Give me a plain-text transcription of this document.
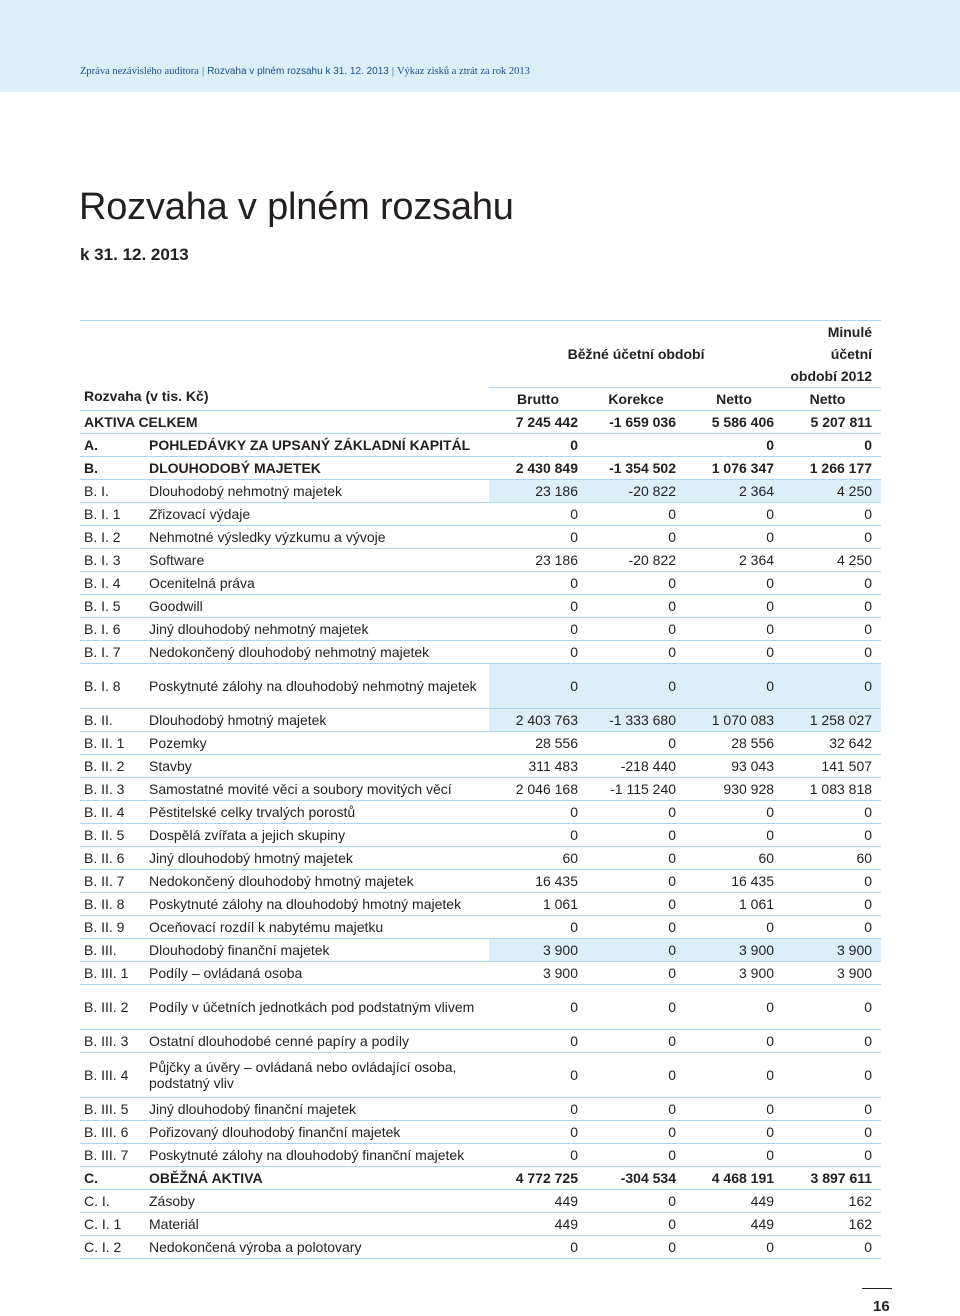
Zpráva nezávislého auditora | Rozvaha v plném rozsahu k 31. 12. 2013 | Výkaz zisků a ztrát za rok 2013
Rozvaha v plném rozsahu
k 31. 12. 2013
Rozvaha (v tis. Kč)		Běžné účetní období			Minulé účetní období 2012
		Brutto	Korekce	Netto	Netto
AKTIVA CELKEM		7 245 442	-1 659 036	5 586 406	5 207 811
A.	POHLEDÁVKY ZA UPSANÝ ZÁKLADNÍ KAPITÁL	0		0	0
B.	DLOUHODOBÝ MAJETEK	2 430 849	-1 354 502	1 076 347	1 266 177
B. I.	Dlouhodobý nehmotný majetek	23 186	-20 822	2 364	4 250
B. I. 1	Zřizovací výdaje	0	0	0	0
B. I. 2	Nehmotné výsledky výzkumu a vývoje	0	0	0	0
B. I. 3	Software	23 186	-20 822	2 364	4 250
B. I. 4	Ocenitelná práva	0	0	0	0
B. I. 5	Goodwill	0	0	0	0
B. I. 6	Jiný dlouhodobý nehmotný majetek	0	0	0	0
B. I. 7	Nedokončený dlouhodobý nehmotný majetek	0	0	0	0
B. I. 8	Poskytnuté zálohy na dlouhodobý nehmotný majetek	0	0	0	0
B. II.	Dlouhodobý hmotný majetek	2 403 763	-1 333 680	1 070 083	1 258 027
B. II. 1	Pozemky	28 556	0	28 556	32 642
B. II. 2	Stavby	311 483	-218 440	93 043	141 507
B. II. 3	Samostatné movité věci a soubory movitých věcí	2 046 168	-1 115 240	930 928	1 083 818
B. II. 4	Pěstitelské celky trvalých porostů	0	0	0	0
B. II. 5	Dospělá zvířata a jejich skupiny	0	0	0	0
B. II. 6	Jiný dlouhodobý hmotný majetek	60	0	60	60
B. II. 7	Nedokončený dlouhodobý hmotný majetek	16 435	0	16 435	0
B. II. 8	Poskytnuté zálohy na dlouhodobý hmotný majetek	1 061	0	1 061	0
B. II. 9	Oceňovací rozdíl k nabytému majetku	0	0	0	0
B. III.	Dlouhodobý finanční majetek	3 900	0	3 900	3 900
B. III. 1	Podíly – ovládaná osoba	3 900	0	3 900	3 900
B. III. 2	Podíly v účetních jednotkách pod podstatným vlivem	0	0	0	0
B. III. 3	Ostatní dlouhodobé cenné papíry a podíly	0	0	0	0
B. III. 4	Půjčky a úvěry – ovládaná nebo ovládající osoba, podstatný vliv	0	0	0	0
B. III. 5	Jiný dlouhodobý finanční majetek	0	0	0	0
B. III. 6	Pořizovaný dlouhodobý finanční majetek	0	0	0	0
B. III. 7	Poskytnuté zálohy na dlouhodobý finanční majetek	0	0	0	0
C.	OBĚŽNÁ AKTIVA	4 772 725	-304 534	4 468 191	3 897 611
C. I.	Zásoby	449	0	449	162
C. I. 1	Materiál	449	0	449	162
C. I. 2	Nedokončená výroba a polotovary	0	0	0	0
16
